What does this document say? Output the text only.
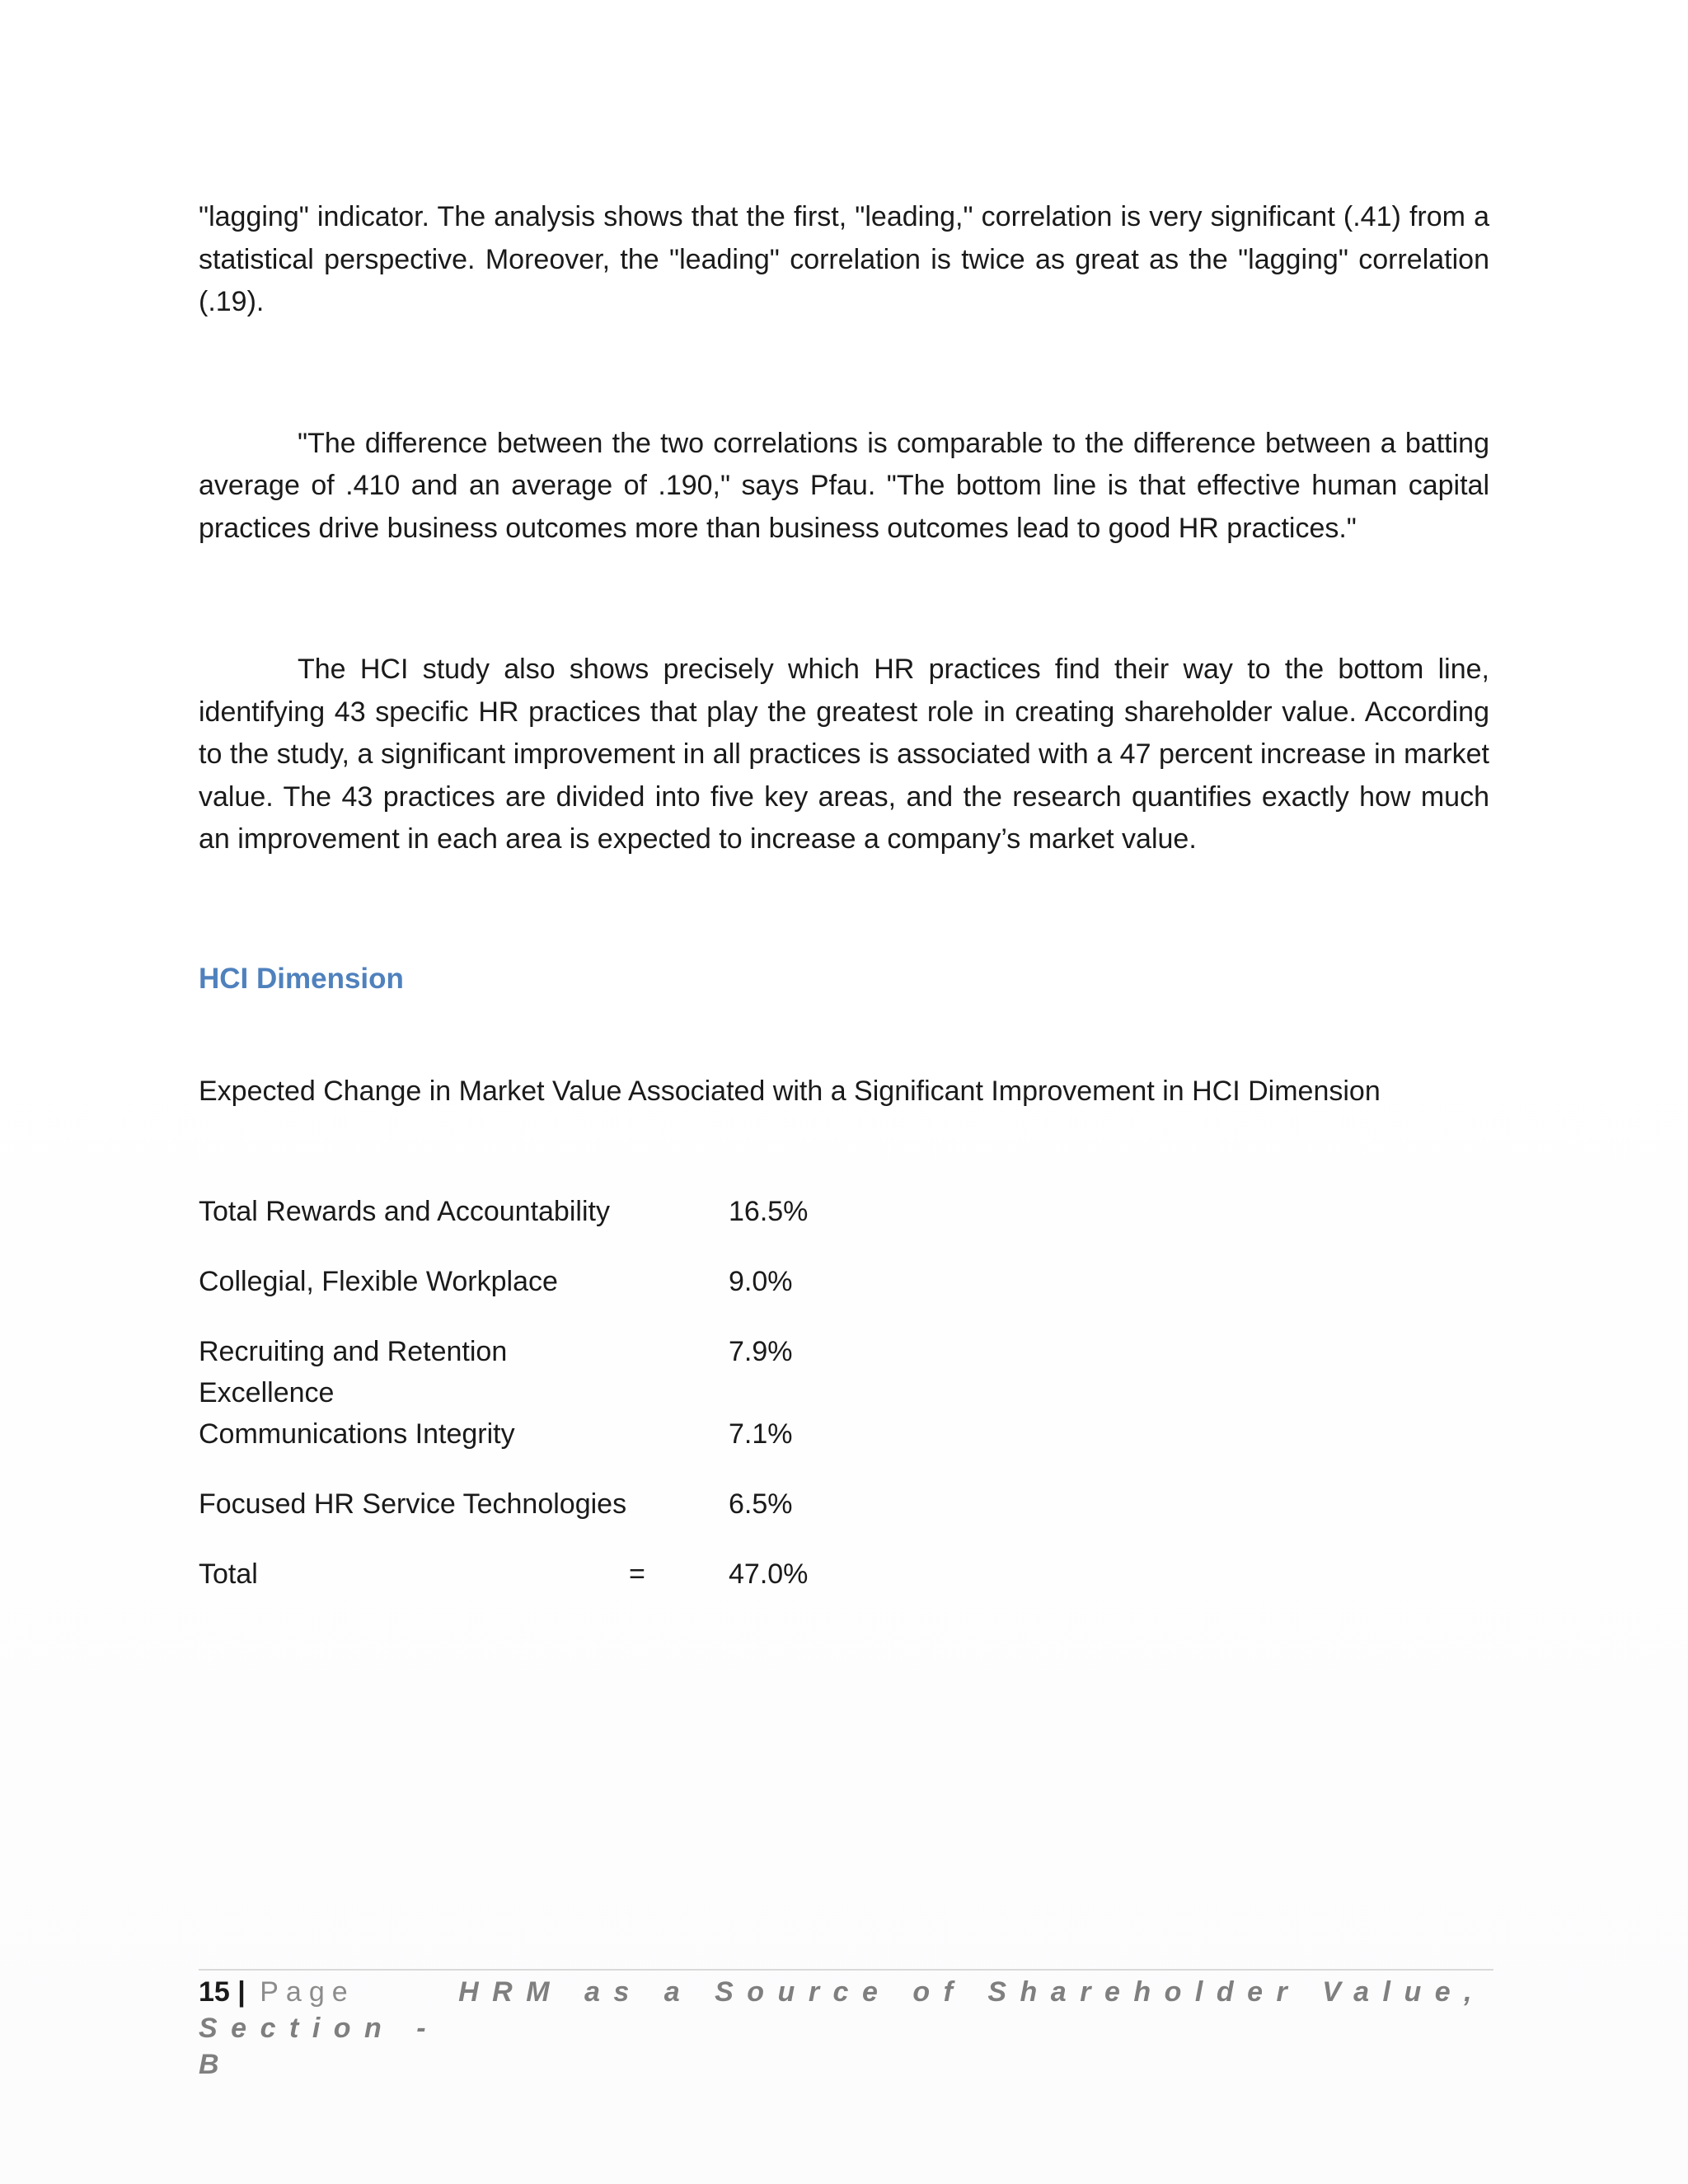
"lagging" indicator. The analysis shows that the first, "leading," correlation is very significant (.41) from a statistical perspective. Moreover, the "leading" correlation is twice as great as the "lagging" correlation (.19).

"The difference between the two correlations is comparable to the difference between a batting average of .410 and an average of .190," says Pfau. "The bottom line is that effective human capital practices drive business outcomes more than business outcomes lead to good HR practices."

The HCI study also shows precisely which HR practices find their way to the bottom line, identifying 43 specific HR practices that play the greatest role in creating shareholder value. According to the study, a significant improvement in all practices is associated with a 47 percent increase in market value. The 43 practices are divided into five key areas, and the research quantifies exactly how much an improvement in each area is expected to increase a company’s market value.

HCI Dimension

Expected Change in Market Value Associated with a Significant Improvement in HCI Dimension

Total Rewards and Accountability	16.5%
Collegial, Flexible Workplace	9.0%
Recruiting and Retention Excellence	7.9%
Communications Integrity	7.1%
Focused HR Service Technologies	6.5%
Total =	47.0%
15 | Page	HRM as a Source of Shareholder Value, Section -
B
